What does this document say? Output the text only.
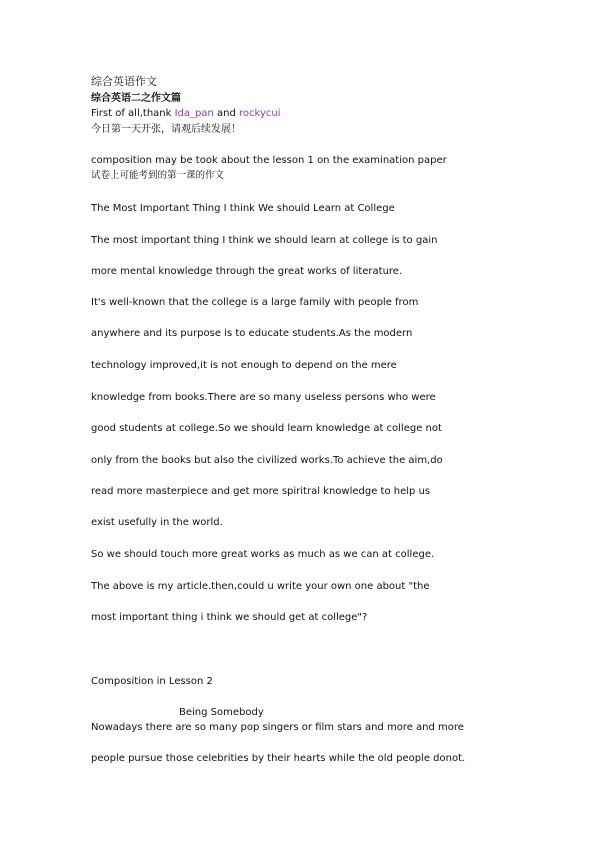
综合英语作文
综合英语二之作文篇
First of all,thank Ida_pan and rockycui
今日第一天开张，请观后续发展！
composition may be took about the lesson 1 on the examination paper
试卷上可能考到的第一课的作文
The Most Important Thing I think We should Learn at College
The most important thing I think we should learn at college is to gain
more mental knowledge through the great works of literature.
It's well-known that the college is a large family with people from
anywhere and its purpose is to educate students.As the modern
technology improved,it is not enough to depend on the mere
knowledge from books.There are so many useless persons who were
good students at college.So we should learn knowledge at college not
only from the books but also the civilized works.To achieve the aim,do
read more masterpiece and get more spiritral knowledge to help us
exist usefully in the world.
So we should touch more great works as much as we can at college.
The above is my article.then,could u write your own one about "the
most important thing i think we should get at college"?
Composition in Lesson 2
Being Somebody
Nowadays there are so many pop singers or film stars and more and more
people pursue those celebrities by their hearts while the old people donot.
